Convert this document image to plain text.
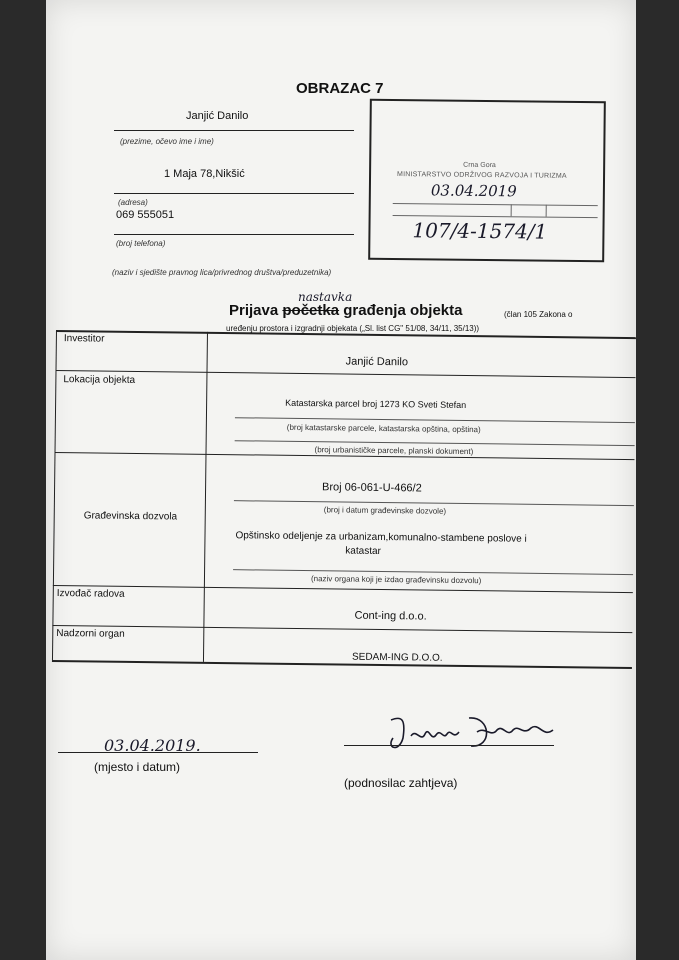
OBRAZAC 7
Janjić Danilo
(prezime, očevo ime i ime)
1 Maja 78,Nikšić
(adresa)
069 555051
(broj telefona)
(naziv i sjedište pravnog lica/privrednog društva/preduzetnika)
Crna Gora
MINISTARSTVO ODRŽIVOG RAZVOJA I TURIZMA
03.04.2019
107/4-1574/1
nastavka
Prijava početka građenja objekta	(član 105 Zakona o
uređenju prostora i izgradnji objekata („Sl. list CG" 51/08, 34/11, 35/13))
Investitor
Janjić Danilo
Lokacija objekta
Katastarska parcel broj 1273 KO Sveti Stefan
(broj katastarske parcele, katastarska opština, opština)
(broj urbanističke parcele, planski dokument)
Broj 06-061-U-466/2
(broj i datum građevinske dozvole)
Građevinska dozvola
Opštinsko odeljenje za urbanizam,komunalno-stambene poslove i
katastar
(naziv organa koji je izdao građevinsku dozvolu)
Izvođač radova
Cont-ing d.o.o.
Nadzorni organ
SEDAM-ING D.O.O.
03.04.2019.
(mjesto i datum)
(podnosilac zahtjeva)
